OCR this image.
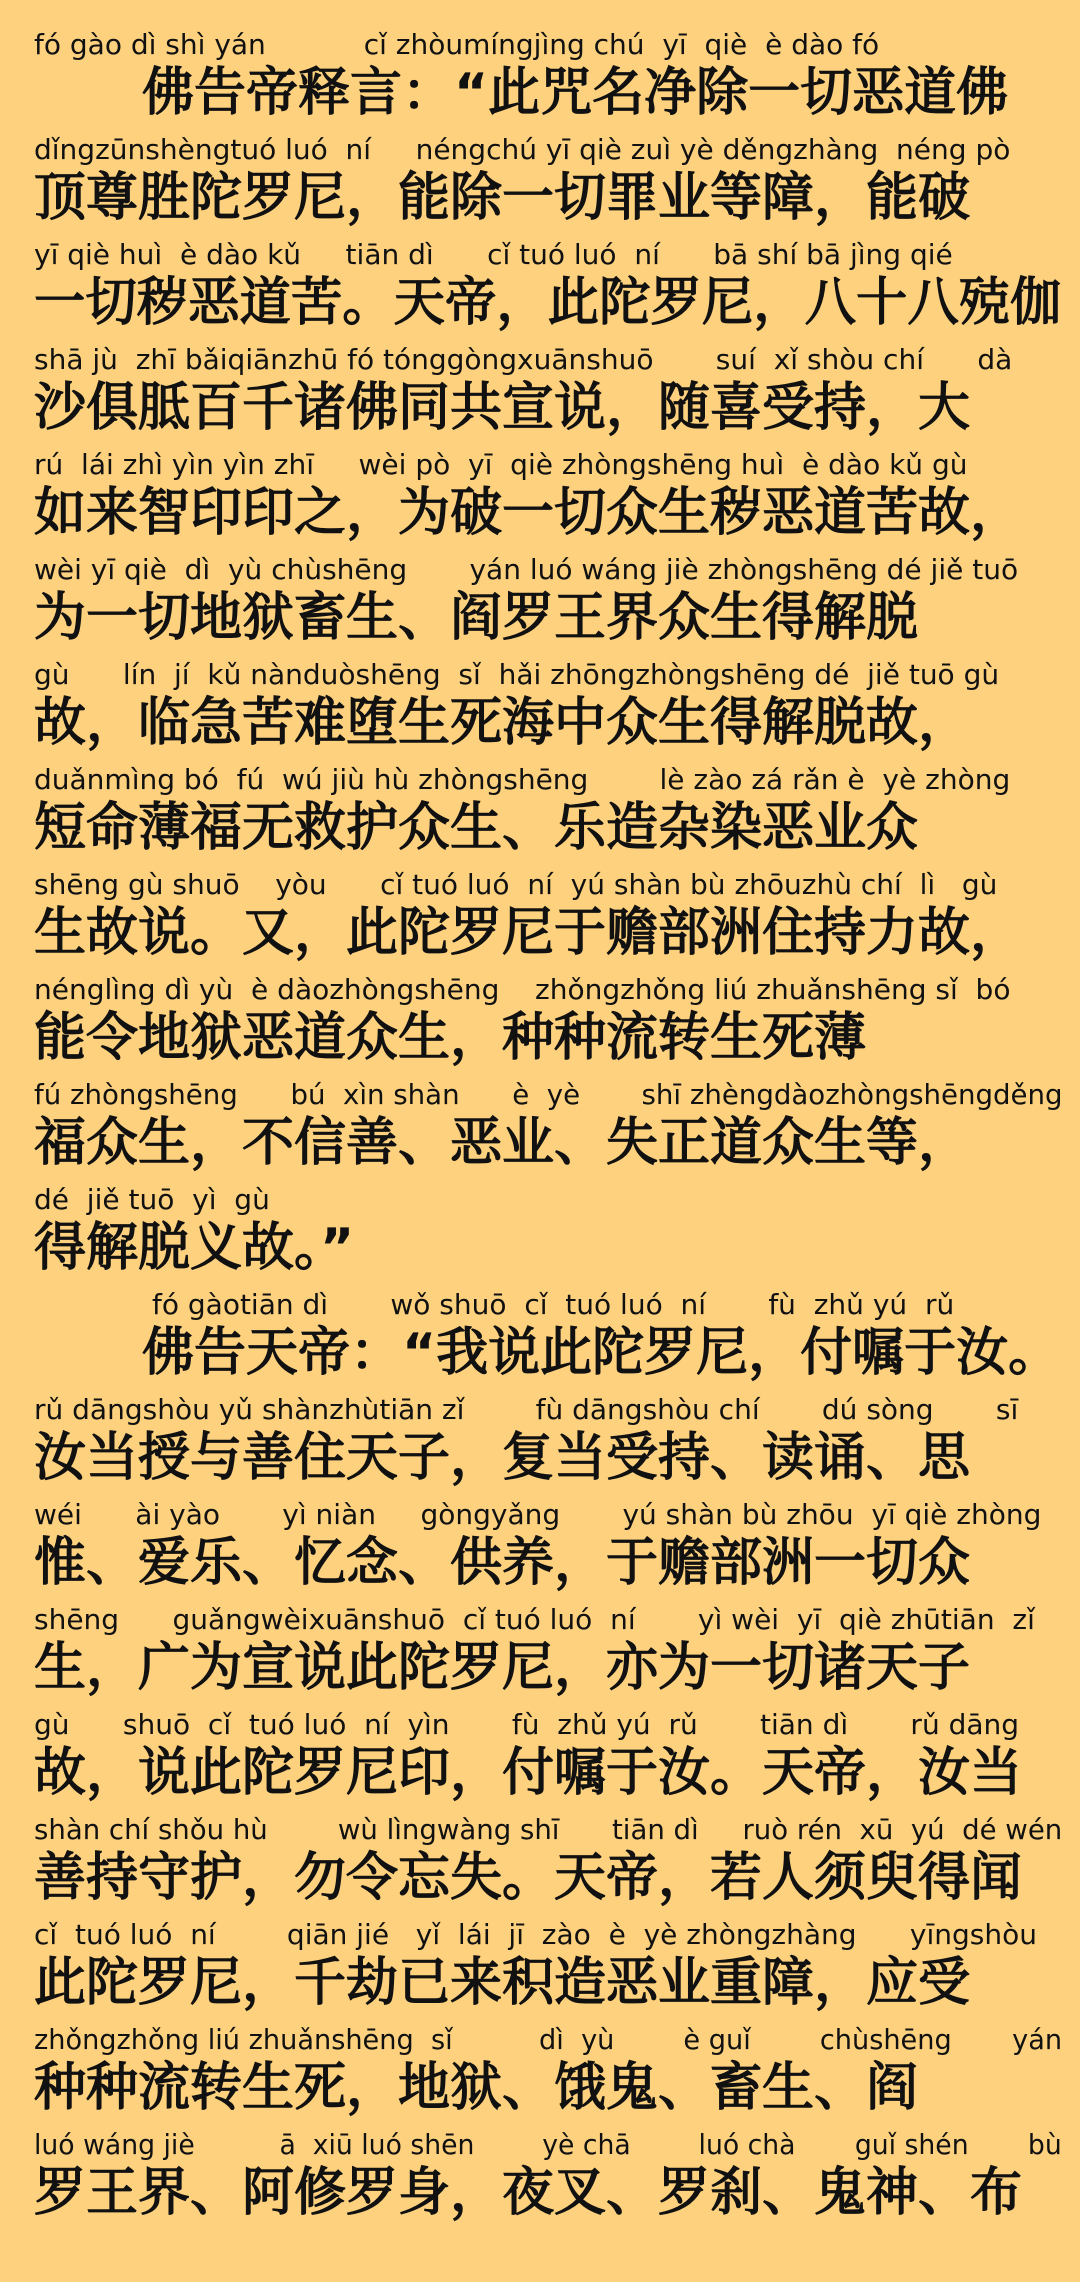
fó gào dì shì yán           cǐ zhòumíngjìng chú  yī  qiè  è dào fó
佛告帝释言：“此咒名净除一切恶道佛
dǐngzūnshèngtuó luó  ní     néngchú yī qiè zuì yè děngzhàng  néng pò
顶尊胜陀罗尼，能除一切罪业等障，能破
yī qiè huì  è dào kǔ     tiān dì      cǐ tuó luó  ní      bā shí bā jìng qié
一切秽恶道苦。天帝，此陀罗尼，八十八殑伽
shā jù  zhī bǎiqiānzhū fó tónggòngxuānshuō       suí  xǐ shòu chí      dà
沙俱胝百千诸佛同共宣说，随喜受持，大
rú  lái zhì yìn yìn zhī     wèi pò  yī  qiè zhòngshēng huì  è dào kǔ gù
如来智印印之，为破一切众生秽恶道苦故，
wèi yī qiè  dì  yù chùshēng       yán luó wáng jiè zhòngshēng dé jiě tuō
为一切地狱畜生、阎罗王界众生得解脱
gù      lín  jí  kǔ nànduòshēng  sǐ  hǎi zhōngzhòngshēng dé  jiě tuō gù
故，临急苦难堕生死海中众生得解脱故，
duǎnmìng bó  fú  wú jiù hù zhòngshēng        lè zào zá rǎn è  yè zhòng
短命薄福无救护众生、乐造杂染恶业众
shēng gù shuō    yòu      cǐ tuó luó  ní  yú shàn bù zhōuzhù chí  lì   gù
生故说。又，此陀罗尼于赡部洲住持力故，
nénglìng dì yù  è dàozhòngshēng    zhǒngzhǒng liú zhuǎnshēng sǐ  bó
能令地狱恶道众生，种种流转生死薄
fú zhòngshēng      bú  xìn shàn      è  yè       shī zhèngdàozhòngshēngděng
福众生，不信善、恶业、失正道众生等，
dé  jiě tuō  yì  gù
得解脱义故。”
fó gàotiān dì       wǒ shuō  cǐ  tuó luó  ní       fù  zhǔ yú  rǔ
佛告天帝：“我说此陀罗尼，付嘱于汝。
rǔ dāngshòu yǔ shànzhùtiān zǐ        fù dāngshòu chí       dú sòng       sī
汝当授与善住天子，复当受持、读诵、思
wéi      ài yào       yì niàn     gòngyǎng       yú shàn bù zhōu  yī qiè zhòng
惟、爱乐、忆念、供养，于赡部洲一切众
shēng      guǎngwèixuānshuō  cǐ tuó luó  ní       yì wèi  yī  qiè zhūtiān  zǐ
生，广为宣说此陀罗尼，亦为一切诸天子
gù      shuō  cǐ  tuó luó  ní  yìn       fù  zhǔ yú  rǔ       tiān dì       rǔ dāng
故，说此陀罗尼印，付嘱于汝。天帝，汝当
shàn chí shǒu hù        wù lìngwàng shī      tiān dì     ruò rén  xū  yú  dé wén
善持守护，勿令忘失。天帝，若人须臾得闻
cǐ  tuó luó  ní        qiān jié   yǐ  lái  jī  zào  è  yè zhòngzhàng      yīngshòu
此陀罗尼，千劫已来积造恶业重障，应受
zhǒngzhǒng liú zhuǎnshēng  sǐ          dì  yù        è guǐ        chùshēng       yán
种种流转生死，地狱、饿鬼、畜生、阎
luó wáng jiè          ā  xiū luó shēn        yè chā        luó chà       guǐ shén       bù
罗王界、阿修罗身，夜叉、罗刹、鬼神、布
